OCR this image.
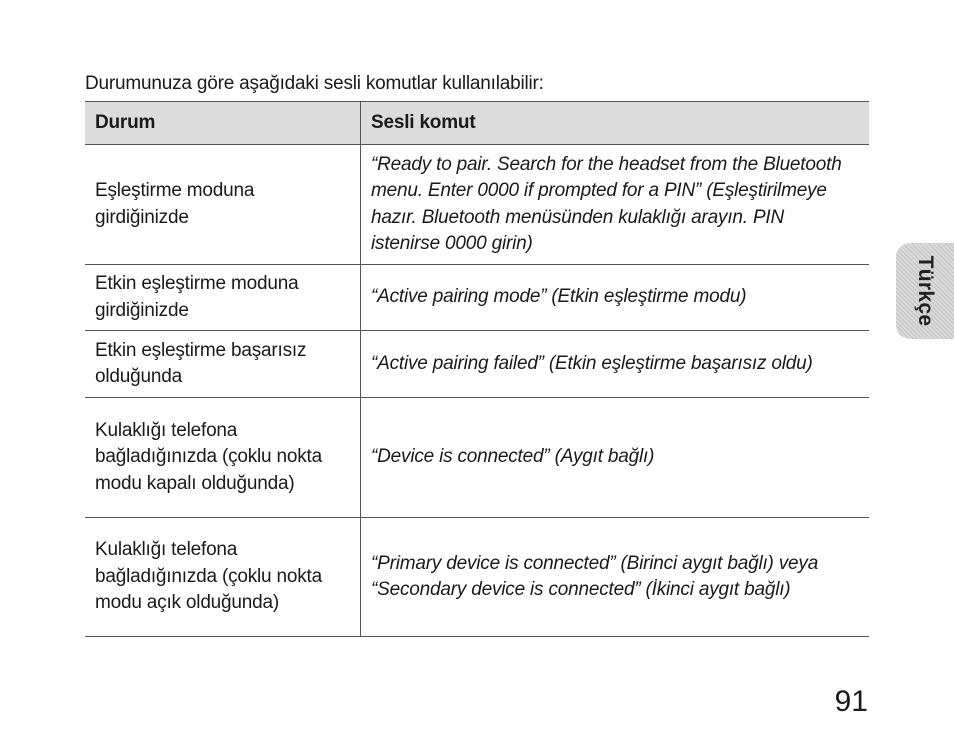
Durumunuza göre aşağıdaki sesli komutlar kullanılabilir:

Durum	Sesli komut
Eşleştirme moduna girdiğinizde	“Ready to pair. Search for the headset from the Bluetooth menu. Enter 0000 if prompted for a PIN” (Eşleştirilmeye hazır. Bluetooth menüsünden kulaklığı arayın. PIN istenirse 0000 girin)
Etkin eşleştirme moduna girdiğinizde	“Active pairing mode” (Etkin eşleştirme modu)
Etkin eşleştirme başarısız olduğunda	“Active pairing failed” (Etkin eşleştirme başarısız oldu)
Kulaklığı telefona bağladığınızda (çoklu nokta modu kapalı olduğunda)	“Device is connected” (Aygıt bağlı)
Kulaklığı telefona bağladığınızda (çoklu nokta modu açık olduğunda)	“Primary device is connected” (Birinci aygıt bağlı) veya “Secondary device is connected” (İkinci aygıt bağlı)
Türkçe
91
